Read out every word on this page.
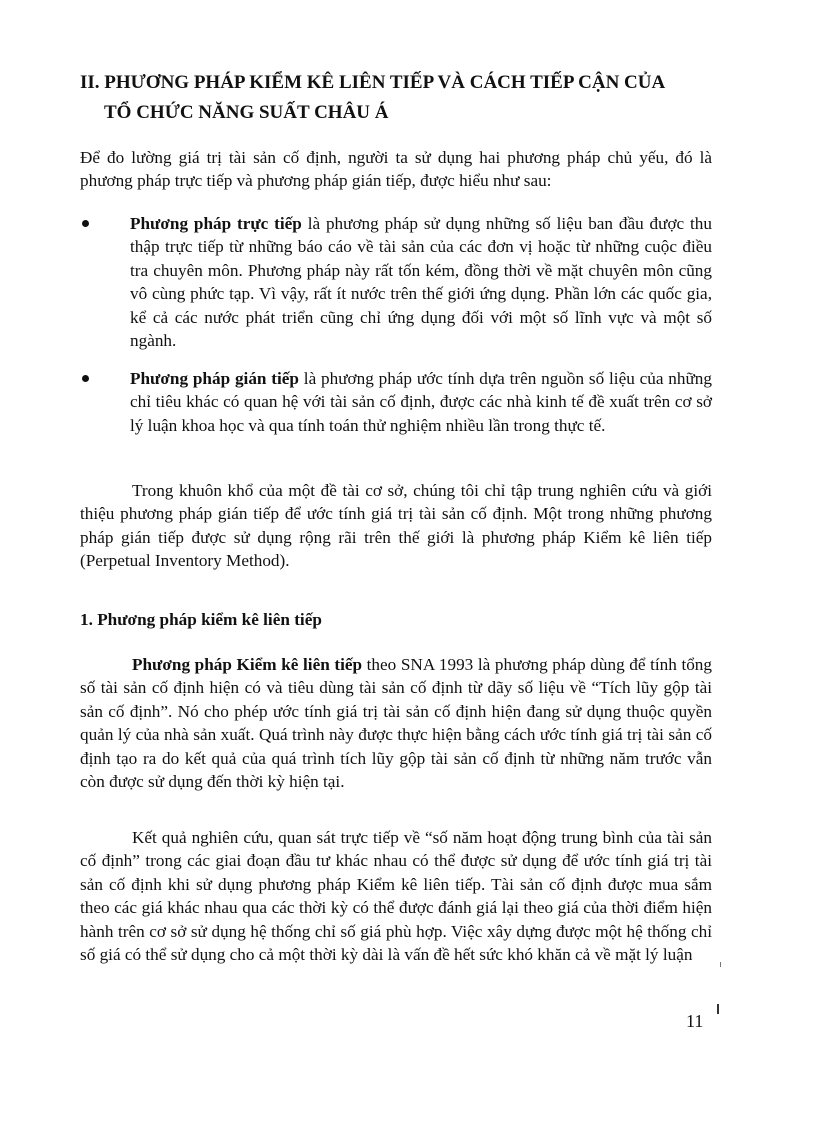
II. PHƯƠNG PHÁP KIỂM KÊ LIÊN TIẾP VÀ CÁCH TIẾP CẬN CỦA
TỔ CHỨC NĂNG SUẤT CHÂU Á

Để đo lường giá trị tài sản cố định, người ta sử dụng hai phương pháp chủ yếu, đó là phương pháp trực tiếp và phương pháp gián tiếp, được hiểu như sau:

Phương pháp trực tiếp là phương pháp sử dụng những số liệu ban đầu được thu thập trực tiếp từ những báo cáo về tài sản của các đơn vị hoặc từ những cuộc điều tra chuyên môn. Phương pháp này rất tốn kém, đồng thời về mặt chuyên môn cũng vô cùng phức tạp. Vì vậy, rất ít nước trên thế giới ứng dụng. Phần lớn các quốc gia, kể cả các nước phát triển cũng chỉ ứng dụng đối với một số lĩnh vực và một số ngành.

Phương pháp gián tiếp là phương pháp ước tính dựa trên nguồn số liệu của những chỉ tiêu khác có quan hệ với tài sản cố định, được các nhà kinh tế đề xuất trên cơ sở lý luận khoa học và qua tính toán thử nghiệm nhiều lần trong thực tế.

Trong khuôn khổ của một đề tài cơ sở, chúng tôi chỉ tập trung nghiên cứu và giới thiệu phương pháp gián tiếp để ước tính giá trị tài sản cố định. Một trong những phương pháp gián tiếp được sử dụng rộng rãi trên thế giới là phương pháp Kiểm kê liên tiếp (Perpetual Inventory Method).

1. Phương pháp kiểm kê liên tiếp

Phương pháp Kiểm kê liên tiếp theo SNA 1993 là phương pháp dùng để tính tổng số tài sản cố định hiện có và tiêu dùng tài sản cố định từ dãy số liệu về “Tích lũy gộp tài sản cố định”. Nó cho phép ước tính giá trị tài sản cố định hiện đang sử dụng thuộc quyền quản lý của nhà sản xuất. Quá trình này được thực hiện bằng cách ước tính giá trị tài sản cố định tạo ra do kết quả của quá trình tích lũy gộp tài sản cố định từ những năm trước vẫn còn được sử dụng đến thời kỳ hiện tại.

Kết quả nghiên cứu, quan sát trực tiếp về “số năm hoạt động trung bình của tài sản cố định” trong các giai đoạn đầu tư khác nhau có thể được sử dụng để ước tính giá trị tài sản cố định khi sử dụng phương pháp Kiểm kê liên tiếp. Tài sản cố định được mua sắm theo các giá khác nhau qua các thời kỳ có thể được đánh giá lại theo giá của thời điểm hiện hành trên cơ sở sử dụng hệ thống chỉ số giá phù hợp. Việc xây dựng được một hệ thống chỉ số giá có thể sử dụng cho cả một thời kỳ dài là vấn đề hết sức khó khăn cả về mặt lý luận

11
